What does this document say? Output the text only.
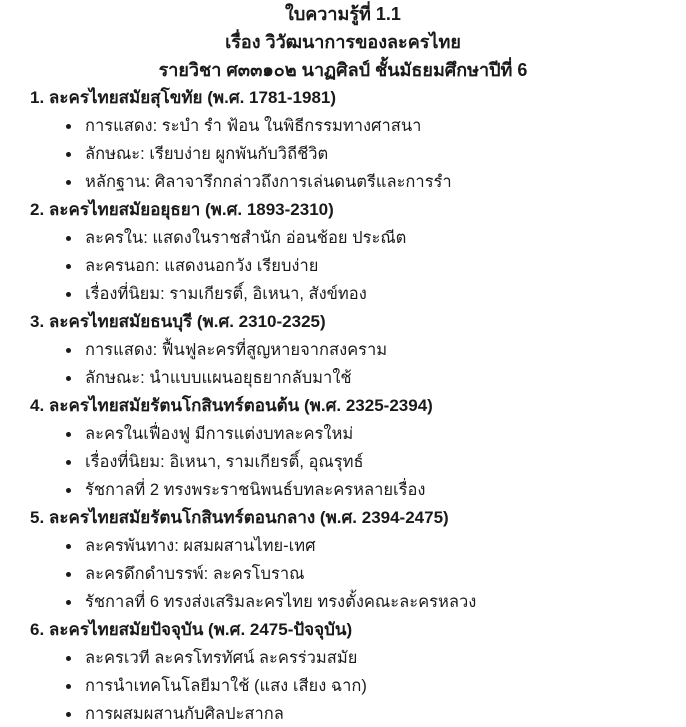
ใบความรู้ที่ 1.1
เรื่อง วิวัฒนาการของละครไทย
รายวิชา ศ๓๓๑๐๒ นาฏศิลป์ ชั้นมัธยมศึกษาปีที่ 6
1. ละครไทยสมัยสุโขทัย (พ.ศ. 1781-1981)
การแสดง: ระบำ รำ ฟ้อน ในพิธีกรรมทางศาสนา
ลักษณะ: เรียบง่าย ผูกพันกับวิถีชีวิต
หลักฐาน: ศิลาจารึกกล่าวถึงการเล่นดนตรีและการรำ
2. ละครไทยสมัยอยุธยา (พ.ศ. 1893-2310)
ละครใน: แสดงในราชสำนัก อ่อนช้อย ประณีต
ละครนอก: แสดงนอกวัง เรียบง่าย
เรื่องที่นิยม: รามเกียรติ์, อิเหนา, สังข์ทอง
3. ละครไทยสมัยธนบุรี (พ.ศ. 2310-2325)
การแสดง: ฟื้นฟูละครที่สูญหายจากสงคราม
ลักษณะ: นำแบบแผนอยุธยากลับมาใช้
4. ละครไทยสมัยรัตนโกสินทร์ตอนต้น (พ.ศ. 2325-2394)
ละครในเฟื่องฟู มีการแต่งบทละครใหม่
เรื่องที่นิยม: อิเหนา, รามเกียรติ์, อุณรุทธ์
รัชกาลที่ 2 ทรงพระราชนิพนธ์บทละครหลายเรื่อง
5. ละครไทยสมัยรัตนโกสินทร์ตอนกลาง (พ.ศ. 2394-2475)
ละครพันทาง: ผสมผสานไทย-เทศ
ละครดึกดำบรรพ์: ละครโบราณ
รัชกาลที่ 6 ทรงส่งเสริมละครไทย ทรงตั้งคณะละครหลวง
6. ละครไทยสมัยปัจจุบัน (พ.ศ. 2475-ปัจจุบัน)
ละครเวที ละครโทรทัศน์ ละครร่วมสมัย
การนำเทคโนโลยีมาใช้ (แสง เสียง ฉาก)
การผสมผสานกับศิลปะสากล
